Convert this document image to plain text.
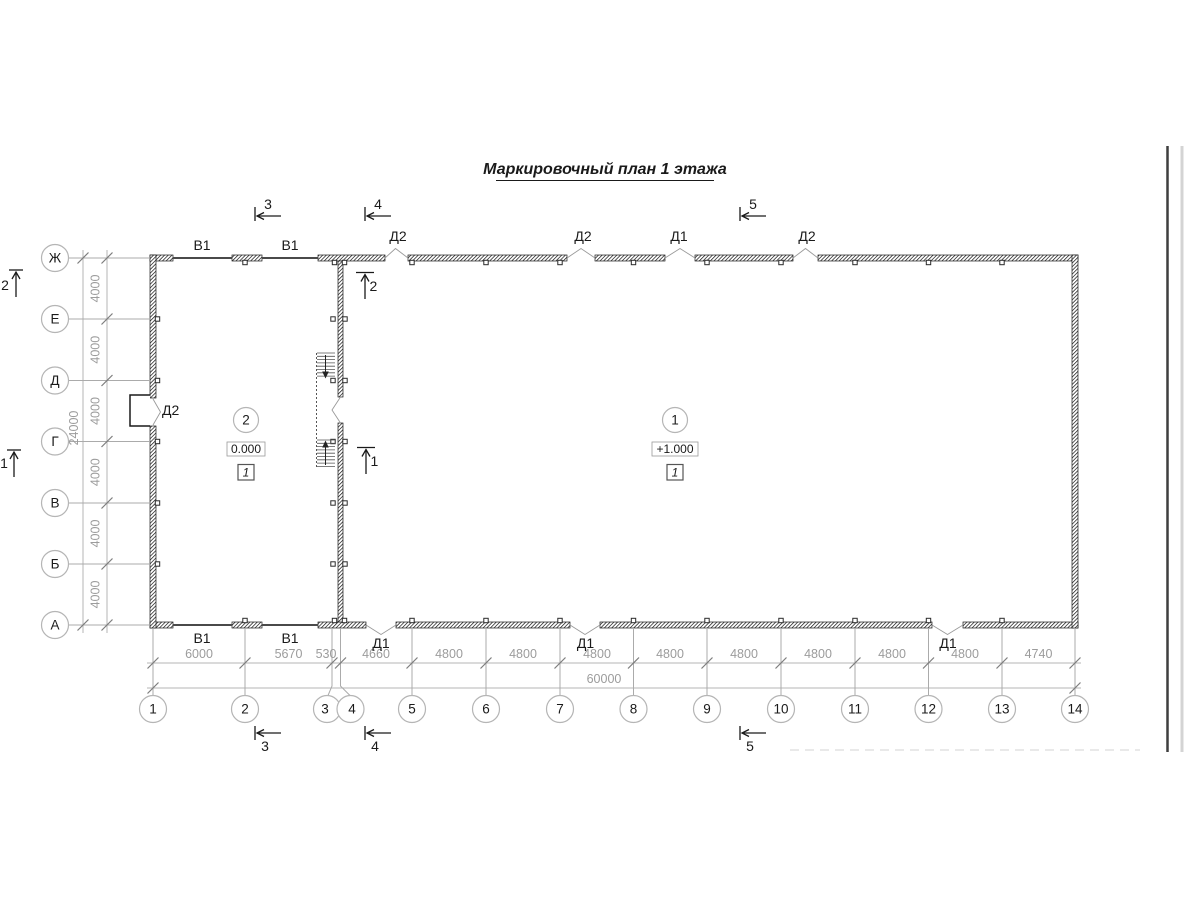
Маркировочный план 1 этажа
Ж
Е
Д
Г
В
Б
А
4000
4000
4000
4000
4000
4000
24000
6000	5670 530 4660	4800	4800	4800	4800	4800	4800	4800	4800	4740
60000
1	2	3 4	5	6	7	8	9	10	11	12	13	14
В1	В1
Д2	Д2	Д1	Д2
В1	В1	Д1	Д1	Д1
Д2
3	4	5
3	4	5
2
1
2
1
1
+1.000
1
2
0.000
1
